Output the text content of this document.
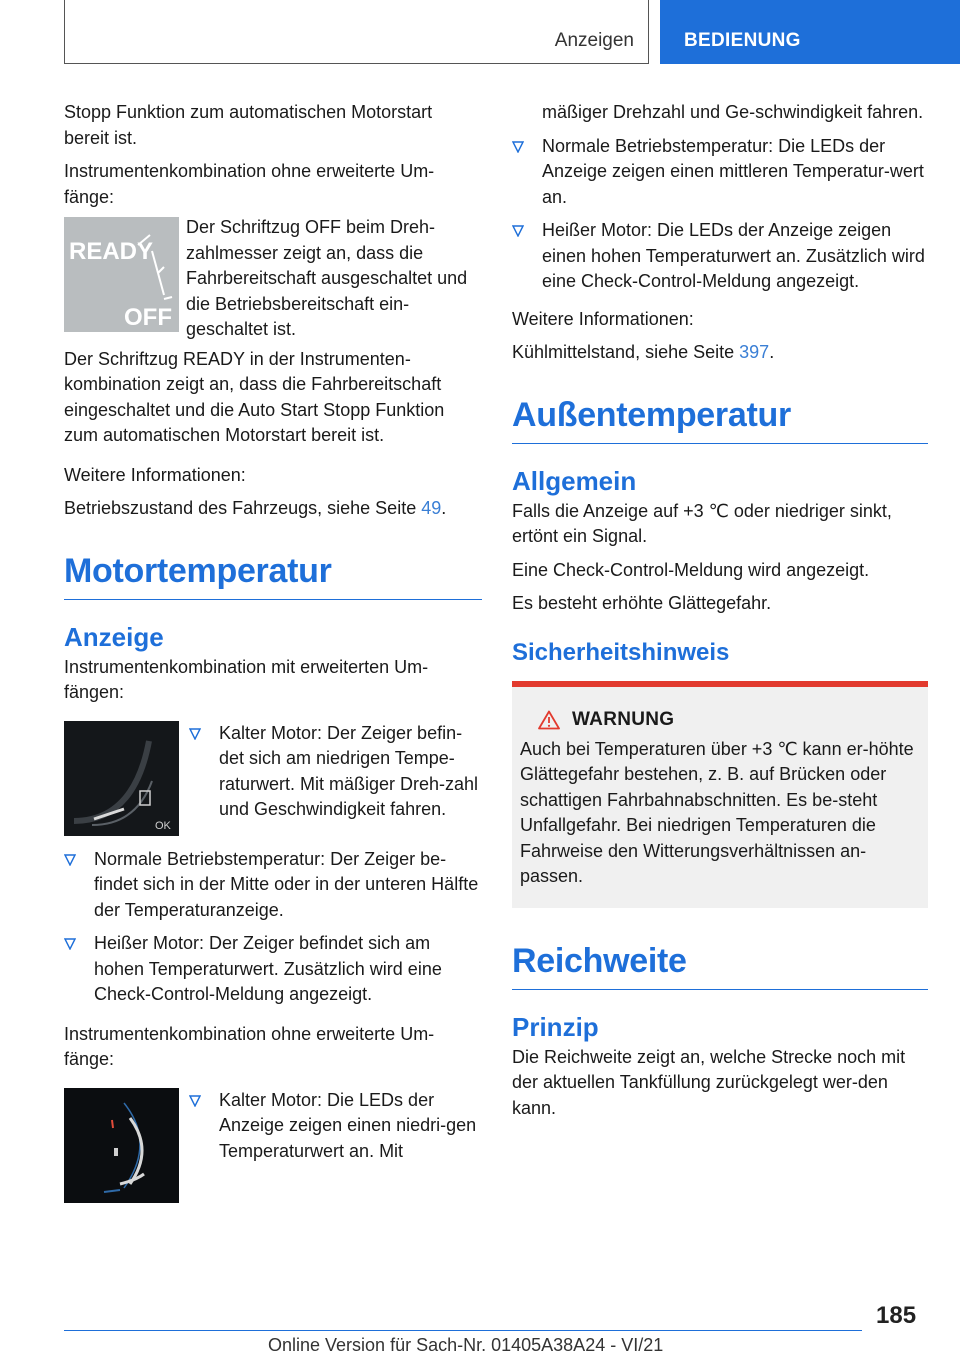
Anzeigen	BEDIENUNG

Stopp Funktion zum automatischen Motorstart bereit ist.

Instrumentenkombination ohne erweiterte Um‐fänge:

READY
OFF

Der Schriftzug OFF beim Dreh‐zahlmesser zeigt an, dass die Fahrbereitschaft ausgeschaltet und die Betriebsbereitschaft ein‐geschaltet ist.

Der Schriftzug READY in der Instrumenten‐kombination zeigt an, dass die Fahrbereitschaft eingeschaltet und die Auto Start Stopp Funktion zum automatischen Motorstart bereit ist.

Weitere Informationen:

Betriebszustand des Fahrzeugs, siehe Seite 49.

Motortemperatur
Anzeige

Instrumentenkombination mit erweiterten Um‐fängen:

OK
Kalter Motor: Der Zeiger befin‐det sich am niedrigen Tempe‐raturwert. Mit mäßiger Dreh‐zahl und Geschwindigkeit fahren.
Normale Betriebstemperatur: Der Zeiger be‐findet sich in der Mitte oder in der unteren Hälfte der Temperaturanzeige.
Heißer Motor: Der Zeiger befindet sich am hohen Temperaturwert. Zusätzlich wird eine Check-Control-Meldung angezeigt.

Instrumentenkombination ohne erweiterte Um‐fänge:

Kalter Motor: Die LEDs der Anzeige zeigen einen niedri‐gen Temperaturwert an. Mit

mäßiger Drehzahl und Ge‐schwindigkeit fahren.

Normale Betriebstemperatur: Die LEDs der Anzeige zeigen einen mittleren Temperatur‐wert an.
Heißer Motor: Die LEDs der Anzeige zeigen einen hohen Temperaturwert an. Zusätzlich wird eine Check-Control-Meldung angezeigt.

Weitere Informationen:

Kühlmittelstand, siehe Seite 397.

Außentemperatur
Allgemein

Falls die Anzeige auf +3 ℃ oder niedriger sinkt, ertönt ein Signal.

Eine Check-Control-Meldung wird angezeigt.

Es besteht erhöhte Glättegefahr.

Sicherheitshinweis
WARNUNG

Auch bei Temperaturen über +3 ℃ kann er‐höhte Glättegefahr bestehen, z. B. auf Brücken oder schattigen Fahrbahnabschnitten. Es be‐steht Unfallgefahr. Bei niedrigen Temperaturen die Fahrweise den Witterungsverhältnissen an‐passen.

Reichweite
Prinzip

Die Reichweite zeigt an, welche Strecke noch mit der aktuellen Tankfüllung zurückgelegt wer‐den kann.

185
Online Version für Sach-Nr. 01405A38A24 - VI/21
